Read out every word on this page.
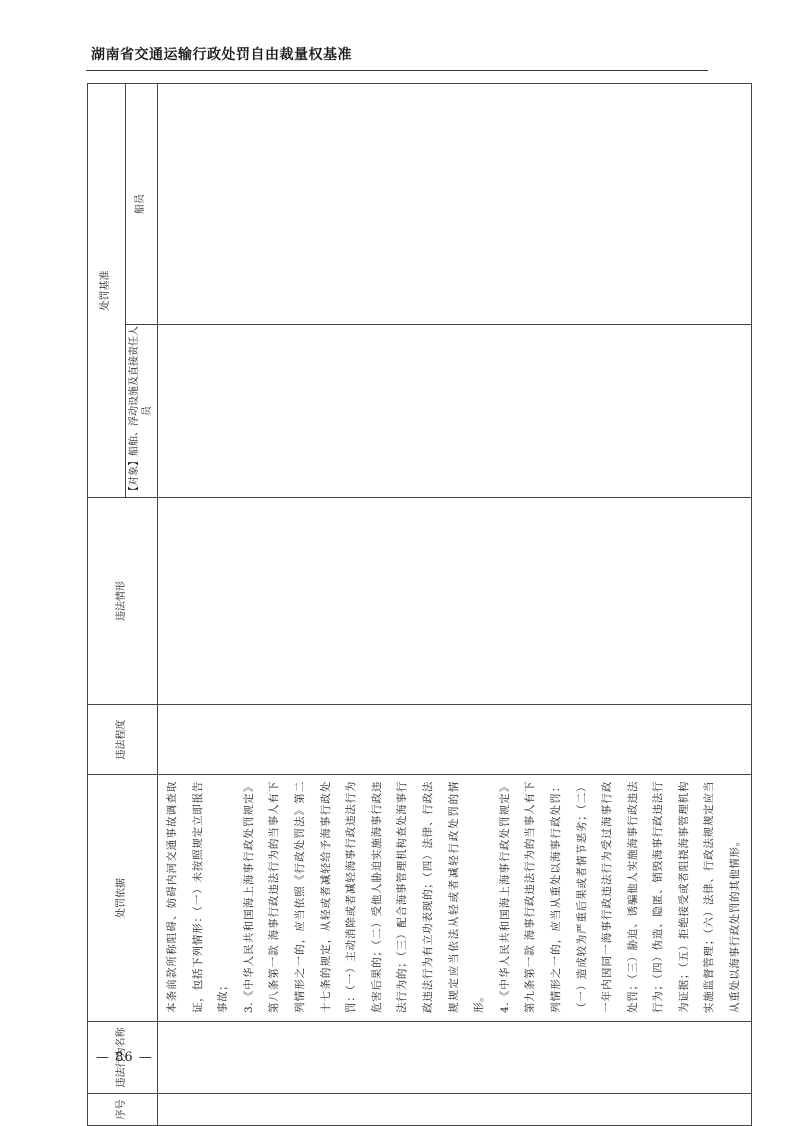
湖南省交通运输行政处罚自由裁量权基准
序号	违法行为名称	处罚依据	违法程度	违法情形	处罚基准	
					【对象】船舶、浮动设施及直接责任人员	船员

		本条前款所称阻碍、妨碍内河交通事故调查取证，包括下列情形：（一）未按照规定立即报告事故； 3.《中华人民共和国海上海事行政处罚规定》第八条第一款 海事行政违法行为的当事人有下列情形之一的，应当依照《行政处罚法》第二十七条的规定，从轻或者减轻给予海事行政处罚：（一）主动消除或者减轻海事行政违法行为危害后果的；（二）受他人胁迫实施海事行政违法行为的；（三）配合海事管理机构查处海事行政违法行为有立功表现的；（四）法律、行政法规规定应当依法从轻或者减轻行政处罚的情形。 4.《中华人民共和国海上海事行政处罚规定》第九条第一款 海事行政违法行为的当事人有下列情形之一的，应当从重处以海事行政处罚：（一）造成较为严重后果或者情节恶劣；（二）一年内因同一海事行政违法行为受过海事行政处罚；（三）胁迫、诱骗他人实施海事行政违法行为；（四）伪造、隐匿、销毁海事行政违法行为证据；（五）拒绝接受或者阻挠海事管理机构实施监督管理；（六）法律、行政法规规定应当从重处以海事行政处罚的其他情形。				

— 86 —
